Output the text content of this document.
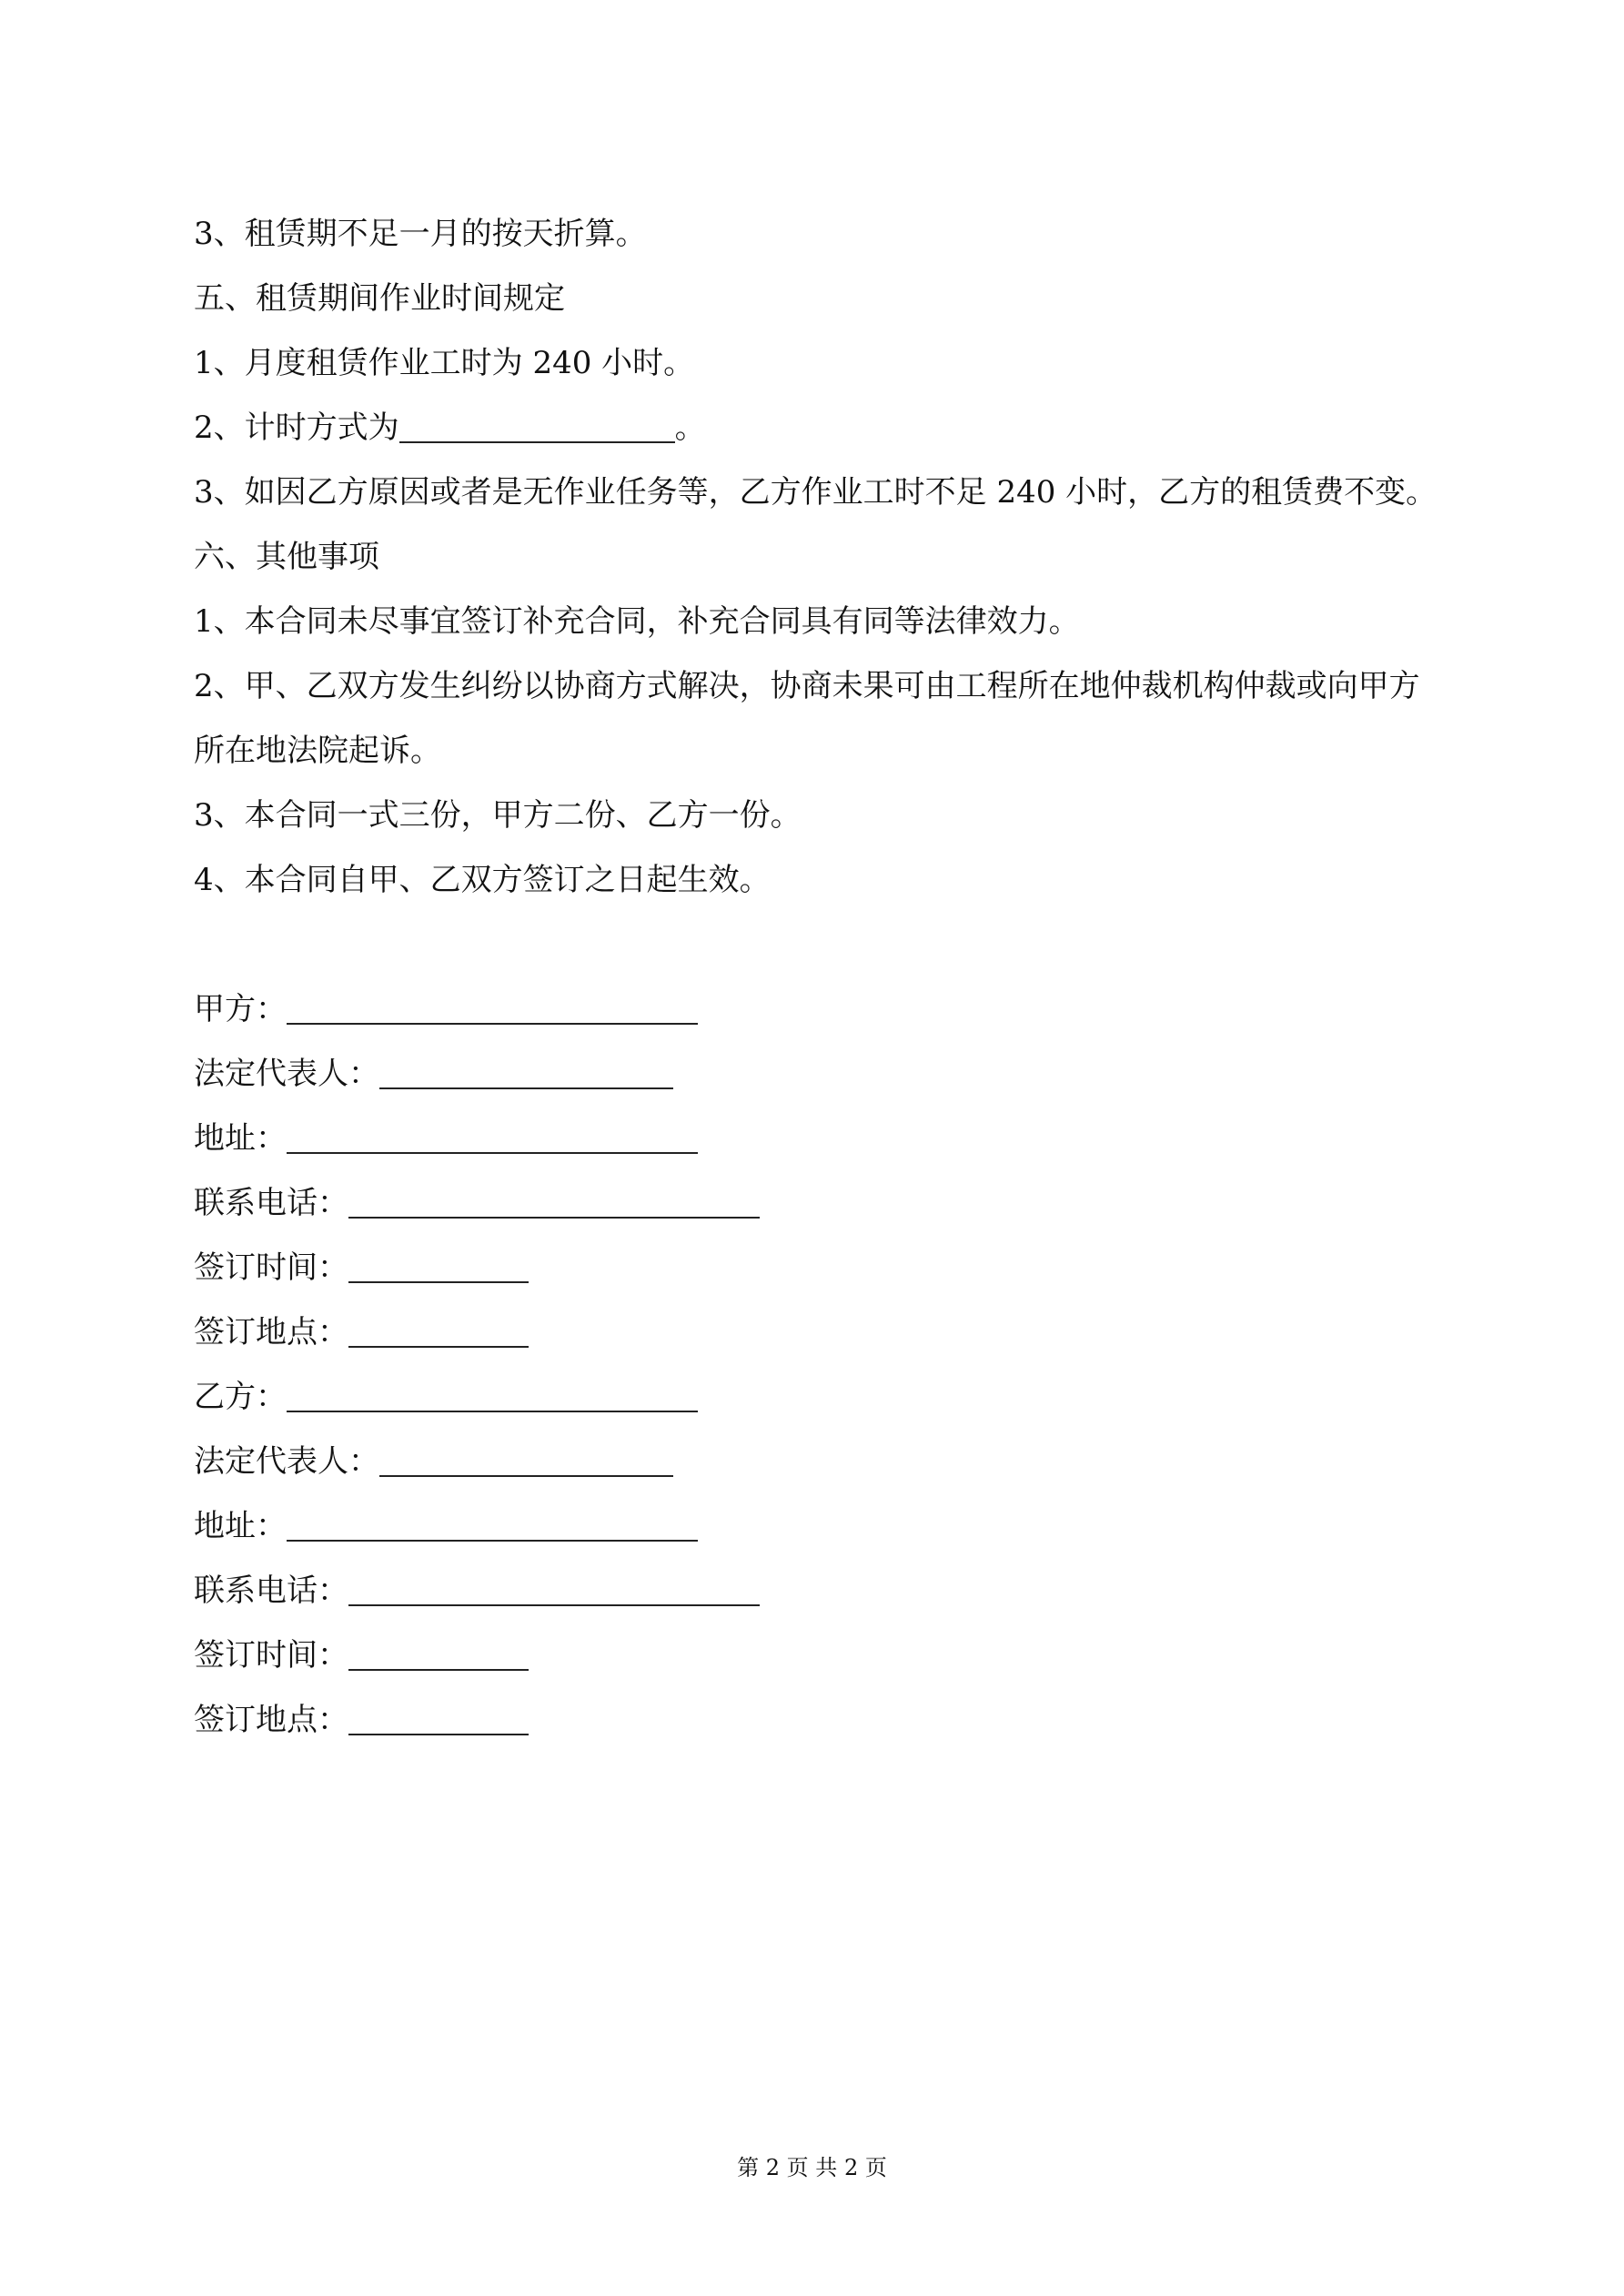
3、租赁期不足一月的按天折算。

五、租赁期间作业时间规定

1、月度租赁作业工时为 240 小时。

2、计时方式为	。

3、如因乙方原因或者是无作业任务等，乙方作业工时不足 240 小时，乙方的租赁费不变。

六、其他事项

1、本合同未尽事宜签订补充合同，补充合同具有同等法律效力。

2、甲、乙双方发生纠纷以协商方式解决，协商未果可由工程所在地仲裁机构仲裁或向甲方所在地法院起诉。

3、本合同一式三份，甲方二份、乙方一份。

4、本合同自甲、乙双方签订之日起生效。

甲方：

法定代表人：

地址：

联系电话：

签订时间：

签订地点：

乙方：

法定代表人：

地址：

联系电话：

签订时间：

签订地点：

第 2 页 共 2 页
